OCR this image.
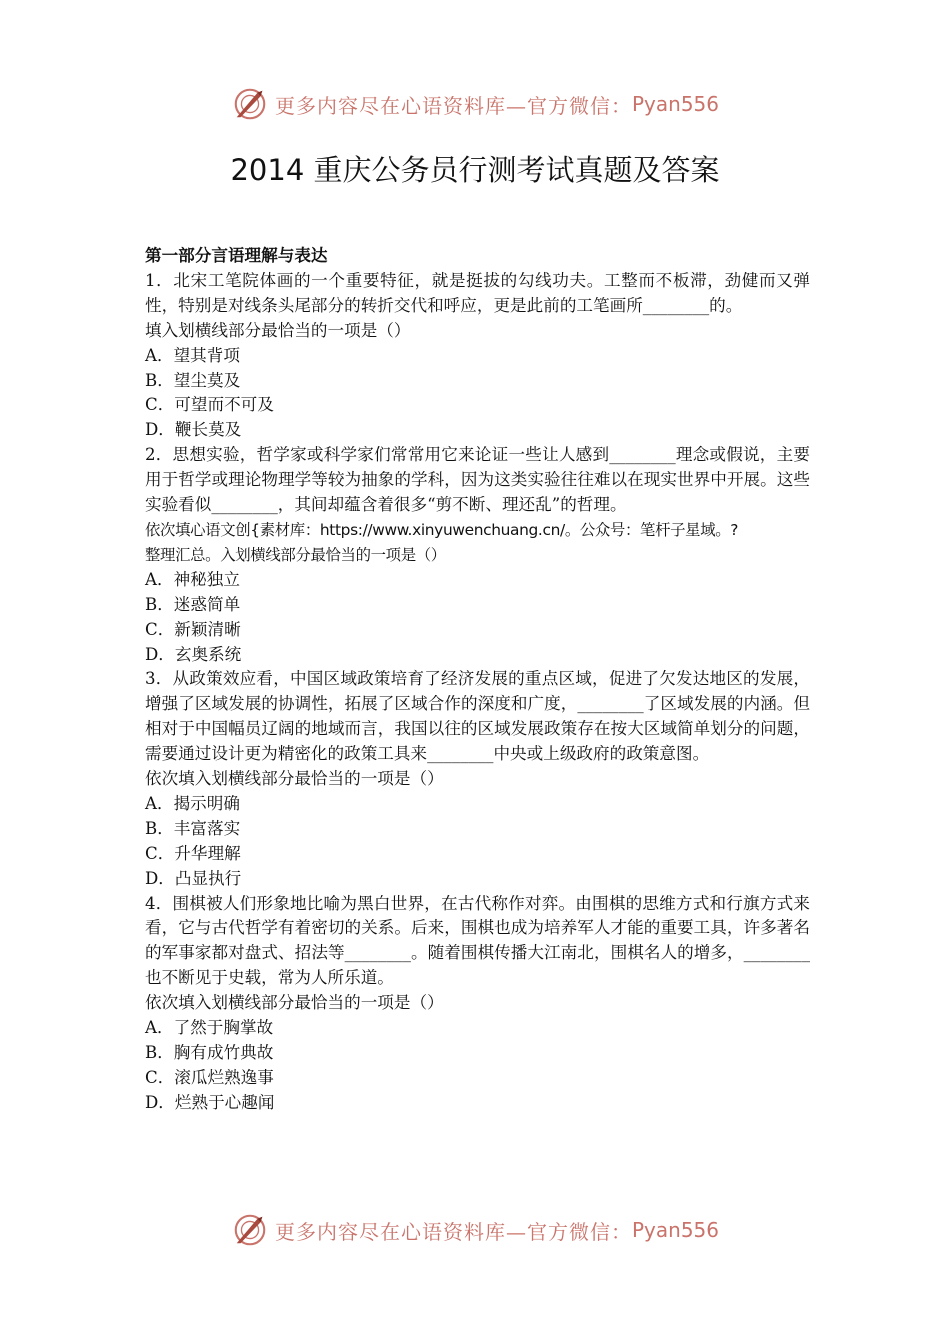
更多内容尽在心语资料库—官方微信： Pyan556
2014 重庆公务员行测考试真题及答案
第一部分言语理解与表达
1．北宋工笔院体画的一个重要特征，就是挺拔的勾线功夫。工整而不板滞，劲健而又弹性，特别是对线条头尾部分的转折交代和呼应，更是此前的工笔画所________的。
填入划横线部分最恰当的一项是（）
A．望其背项
B．望尘莫及
C．可望而不可及
D．鞭长莫及
2．思想实验，哲学家或科学家们常常用它来论证一些让人感到________理念或假说，主要用于哲学或理论物理学等较为抽象的学科，因为这类实验往往难以在现实世界中开展。这些实验看似________，其间却蕴含着很多“剪不断、理还乱”的哲理。
依次填心语文创{素材库：https://www.xinyuwenchuang.cn/。公众号：笔杆子星域。?
整理汇总。入划横线部分最恰当的一项是（）
A．神秘独立
B．迷惑简单
C．新颖清晰
D．玄奥系统
3．从政策效应看，中国区域政策培育了经济发展的重点区域，促进了欠发达地区的发展，增强了区域发展的协调性，拓展了区域合作的深度和广度，________了区域发展的内涵。但相对于中国幅员辽阔的地域而言，我国以往的区域发展政策存在按大区域简单划分的问题，需要通过设计更为精密化的政策工具来________中央或上级政府的政策意图。
依次填入划横线部分最恰当的一项是（）
A．揭示明确
B．丰富落实
C．升华理解
D．凸显执行
4．围棋被人们形象地比喻为黑白世界，在古代称作对弈。由围棋的思维方式和行旗方式来看，它与古代哲学有着密切的关系。后来，围棋也成为培养军人才能的重要工具，许多著名的军事家都对盘式、招法等________。随着围棋传播大江南北，围棋名人的增多，________也不断见于史载，常为人所乐道。
依次填入划横线部分最恰当的一项是（）
A．了然于胸掌故
B．胸有成竹典故
C．滚瓜烂熟逸事
D．烂熟于心趣闻
更多内容尽在心语资料库—官方微信： Pyan556
